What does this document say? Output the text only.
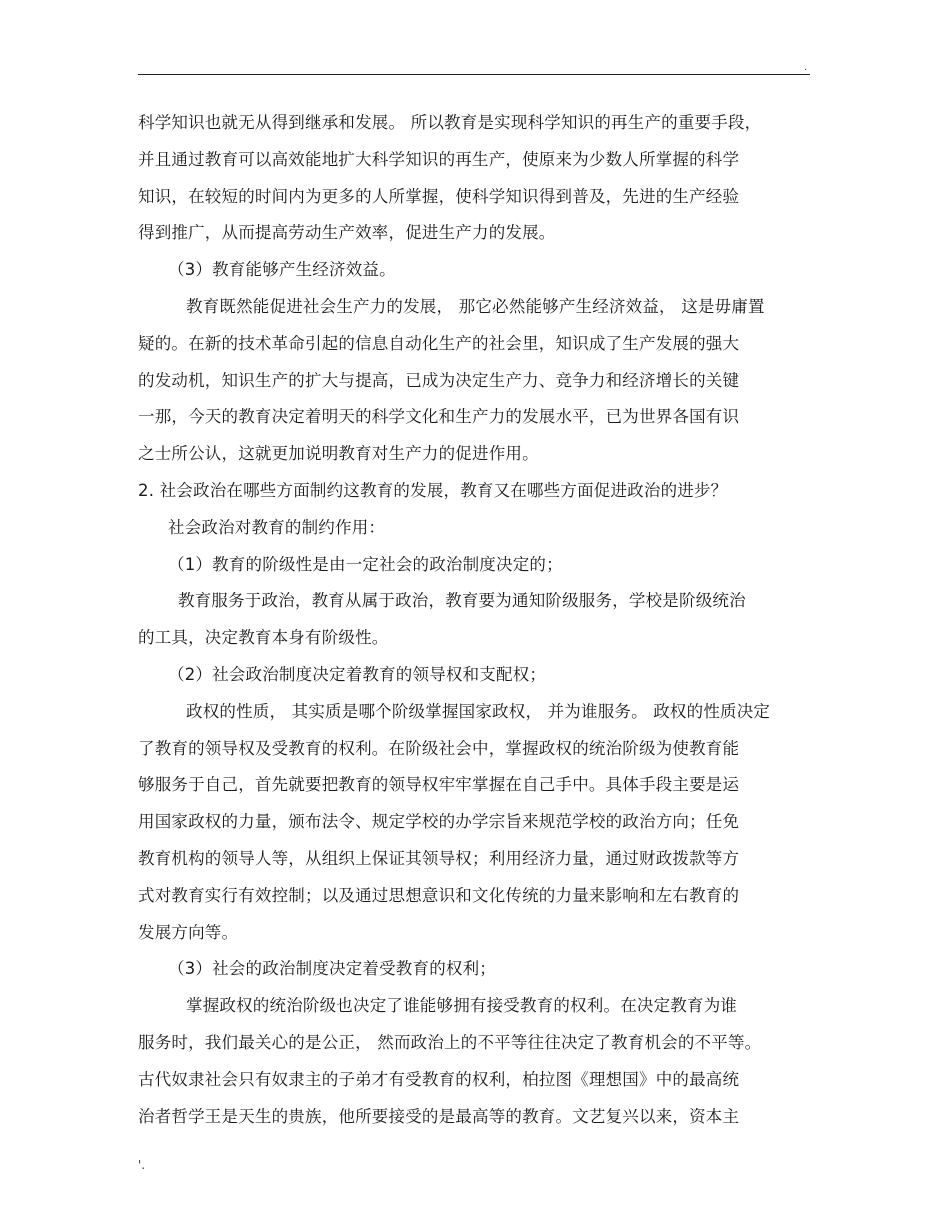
.
科学知识也就无从得到继承和发展。 所以教育是实现科学知识的再生产的重要手段，
并且通过教育可以高效能地扩大科学知识的再生产，使原来为少数人所掌握的科学
知识，在较短的时间内为更多的人所掌握，使科学知识得到普及，先进的生产经验
得到推广，从而提高劳动生产效率，促进生产力的发展。
（3）教育能够产生经济效益。
教育既然能促进社会生产力的发展， 那它必然能够产生经济效益， 这是毋庸置
疑的。在新的技术革命引起的信息自动化生产的社会里，知识成了生产发展的强大
的发动机，知识生产的扩大与提高，已成为决定生产力、竞争力和经济增长的关键
一那，今天的教育决定着明天的科学文化和生产力的发展水平，已为世界各国有识
之士所公认，这就更加说明教育对生产力的促进作用。
2. 社会政治在哪些方面制约这教育的发展，教育又在哪些方面促进政治的进步？
社会政治对教育的制约作用：
（1）教育的阶级性是由一定社会的政治制度决定的；
教育服务于政治，教育从属于政治，教育要为通知阶级服务，学校是阶级统治
的工具，决定教育本身有阶级性。
（2）社会政治制度决定着教育的领导权和支配权；
政权的性质， 其实质是哪个阶级掌握国家政权， 并为谁服务。 政权的性质决定
了教育的领导权及受教育的权利。在阶级社会中，掌握政权的统治阶级为使教育能
够服务于自己，首先就要把教育的领导权牢牢掌握在自己手中。具体手段主要是运
用国家政权的力量，颁布法令、规定学校的办学宗旨来规范学校的政治方向；任免
教育机构的领导人等，从组织上保证其领导权；利用经济力量，通过财政拨款等方
式对教育实行有效控制；以及通过思想意识和文化传统的力量来影响和左右教育的
发展方向等。
（3）社会的政治制度决定着受教育的权利；
掌握政权的统治阶级也决定了谁能够拥有接受教育的权利。在决定教育为谁
服务时，我们最关心的是公正， 然而政治上的不平等往往决定了教育机会的不平等。
古代奴隶社会只有奴隶主的子弟才有受教育的权利，柏拉图《理想国》中的最高统
治者哲学王是天生的贵族，他所要接受的是最高等的教育。文艺复兴以来，资本主
'.
